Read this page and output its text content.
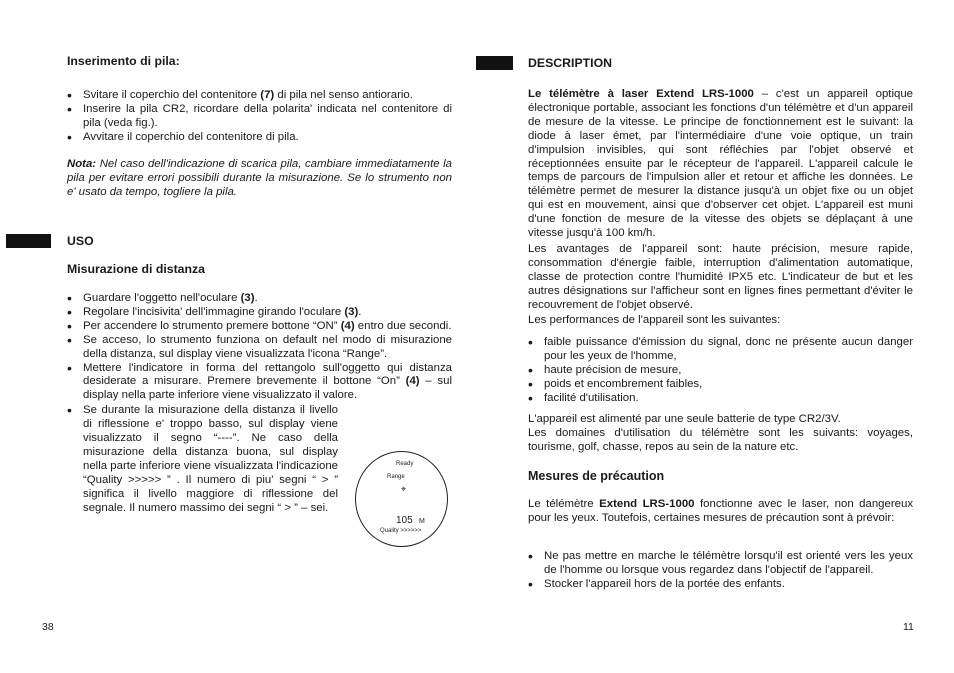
Inserimento di pila:
• Svitare il coperchio del contenitore (7) di pila nel senso antiorario.
• Inserire la pila CR2, ricordare della polarita' indicata nel contenitore di pila (veda fig.).
• Avvitare il coperchio del contenitore di pila.
Nota: Nel caso dell'indicazione di scarica pila, cambiare immediatamente la pila per evitare errori possibili durante la misurazione. Se lo strumento non e' usato da tempo, togliere la pila.
USO
Misurazione di distanza
• Guardare l'oggetto nell'oculare (3).
• Regolare l'incisivita' dell'immagine girando l'oculare (3).
• Per accendere lo strumento premere bottone “ON” (4) entro due secondi.
• Se acceso, lo strumento funziona on default nel modo di misurazione della distanza, sul display viene visualizzata l'icona “Range”.
• Mettere l'indicatore in forma del rettangolo sull'oggetto qui distanza desiderate a misurare. Premere brevemente il bottone “On” (4) – sul display nella parte inferiore viene visualizzato il valore.
• Se durante la misurazione della distanza il livello di riflessione e' troppo basso, sul display viene visualizzato il segno “----”. Ne caso della misurazione della distanza buona, sul display nella parte inferiore viene visualizzata l'indicazione “Quality >>>>> ” . Il numero di piu' segni “ > ” significa il livello maggiore di riflessione del segnale. Il numero massimo dei segni “ > ” – sei.
Ready
Range
⌖
105 M
Quality >>>>>>
38
DESCRIPTION
Le télémètre à laser Extend LRS-1000 – c'est un appareil optique électronique portable, associant les fonctions d'un télémètre et d'un appareil de mesure de la vitesse. Le principe de fonctionnement est le suivant: la diode à laser émet, par l'intermédiaire d'une voie optique, un train d'impulsion invisibles, qui sont réfléchies par l'objet observé et réceptionnées ensuite par le récepteur de l'appareil. L'appareil calcule le temps de parcours de l'impulsion aller et retour et affiche les données. Le télémètre permet de mesurer la distance jusqu'à un objet fixe ou un objet qui est en mouvement, ainsi que d'observer cet objet. L'appareil est muni d'une fonction de mesure de la vitesse des objets se déplaçant à une vitesse jusqu'à 100 km/h.
Les avantages de l'appareil sont: haute précision, mesure rapide, consommation d'énergie faible, interruption d'alimentation automatique, classe de protection contre l'humidité IPX5 etc. L'indicateur de but et les autres désignations sur l'afficheur sont en lignes fines permettant d'éviter le recouvrement de l'objet observé.
Les performances de l'appareil sont les suivantes:
• faible puissance d'émission du signal, donc ne présente aucun danger pour les yeux de l'homme,
• haute précision de mesure,
• poids et encombrement faibles,
• facilité d'utilisation.
L'appareil est alimenté par une seule batterie de type CR2/3V.
Les domaines d'utilisation du télémètre sont les suivants: voyages, tourisme, golf, chasse, repos au sein de la nature etc.
Mesures de précaution
Le télémètre Extend LRS-1000 fonctionne avec le laser, non dangereux pour les yeux. Toutefois, certaines mesures de précaution sont à prévoir:
• Ne pas mettre en marche le télémètre lorsqu'il est orienté vers les yeux de l'homme ou lorsque vous regardez dans l'objectif de l'appareil.
• Stocker l'appareil hors de la portée des enfants.
11
